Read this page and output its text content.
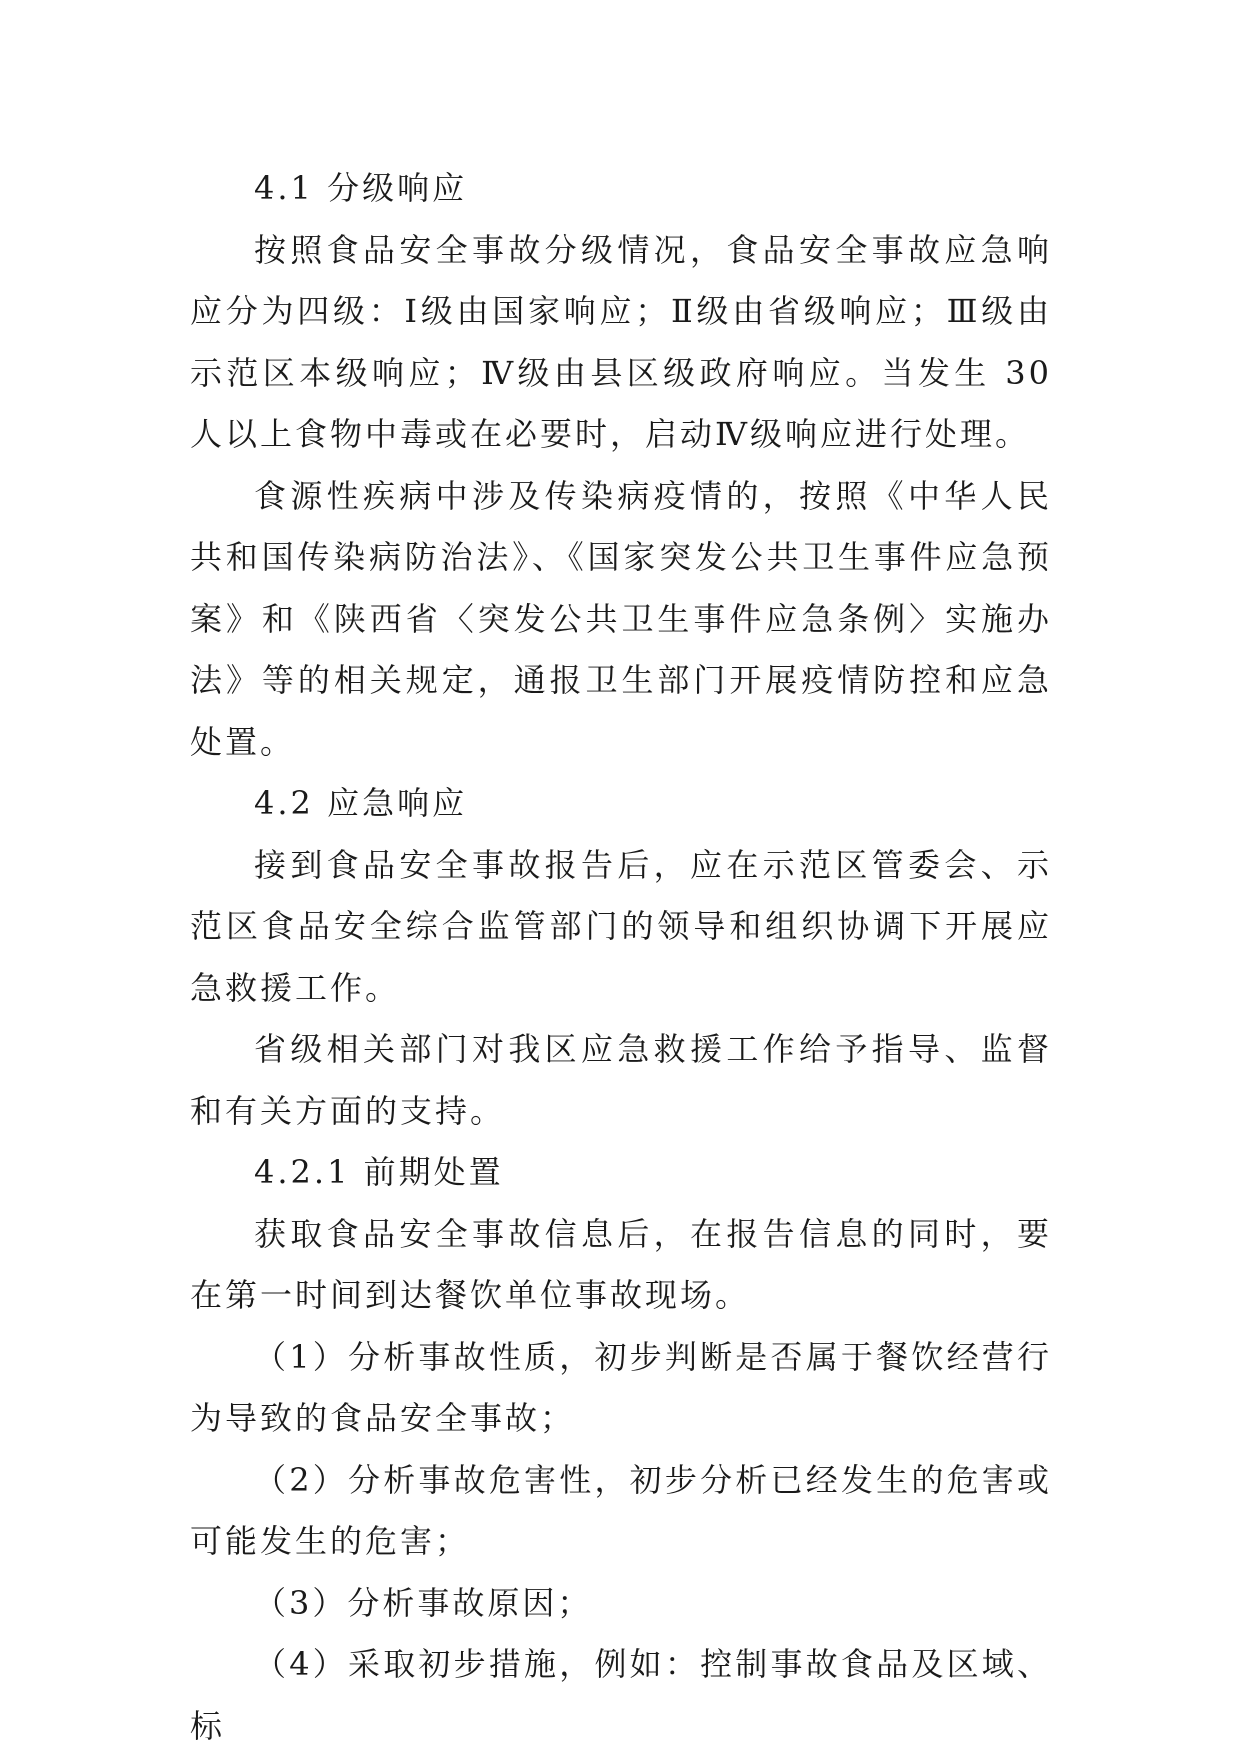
4.1 分级响应

按照食品安全事故分级情况，食品安全事故应急响应分为四级：Ⅰ级由国家响应；Ⅱ级由省级响应；Ⅲ级由示范区本级响应；Ⅳ级由县区级政府响应。当发生 30 人以上食物中毒或在必要时，启动Ⅳ级响应进行处理。

食源性疾病中涉及传染病疫情的，按照《中华人民共和国传染病防治法》、《国家突发公共卫生事件应急预案》和《陕西省〈突发公共卫生事件应急条例〉实施办法》等的相关规定，通报卫生部门开展疫情防控和应急处置。

4.2 应急响应

接到食品安全事故报告后，应在示范区管委会、示范区食品安全综合监管部门的领导和组织协调下开展应急救援工作。

省级相关部门对我区应急救援工作给予指导、监督和有关方面的支持。

4.2.1 前期处置

获取食品安全事故信息后，在报告信息的同时，要在第一时间到达餐饮单位事故现场。

（1）分析事故性质，初步判断是否属于餐饮经营行为导致的食品安全事故；

（2）分析事故危害性，初步分析已经发生的危害或可能发生的危害；

（3）分析事故原因；

（4）采取初步措施，例如：控制事故食品及区域、标
